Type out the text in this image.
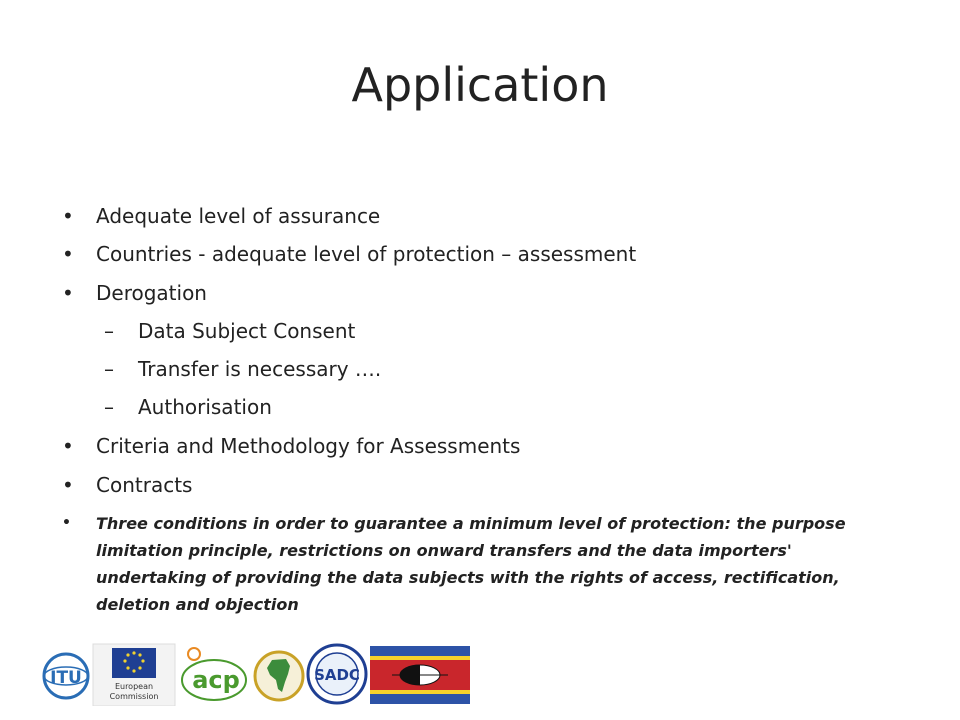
Application
• Adequate level of assurance
• Countries - adequate level of protection – assessment
• Derogation
– Data Subject Consent
– Transfer is necessary ….
– Authorisation
• Criteria and Methodology for Assessments
• Contracts
• Three conditions in order to guarantee a minimum level of protection: the purpose limitation principle, restrictions on onward transfers and the data importers' undertaking of providing the data subjects with the rights of access, rectification, deletion and objection
ITU	European
Commission
acp	SADC
